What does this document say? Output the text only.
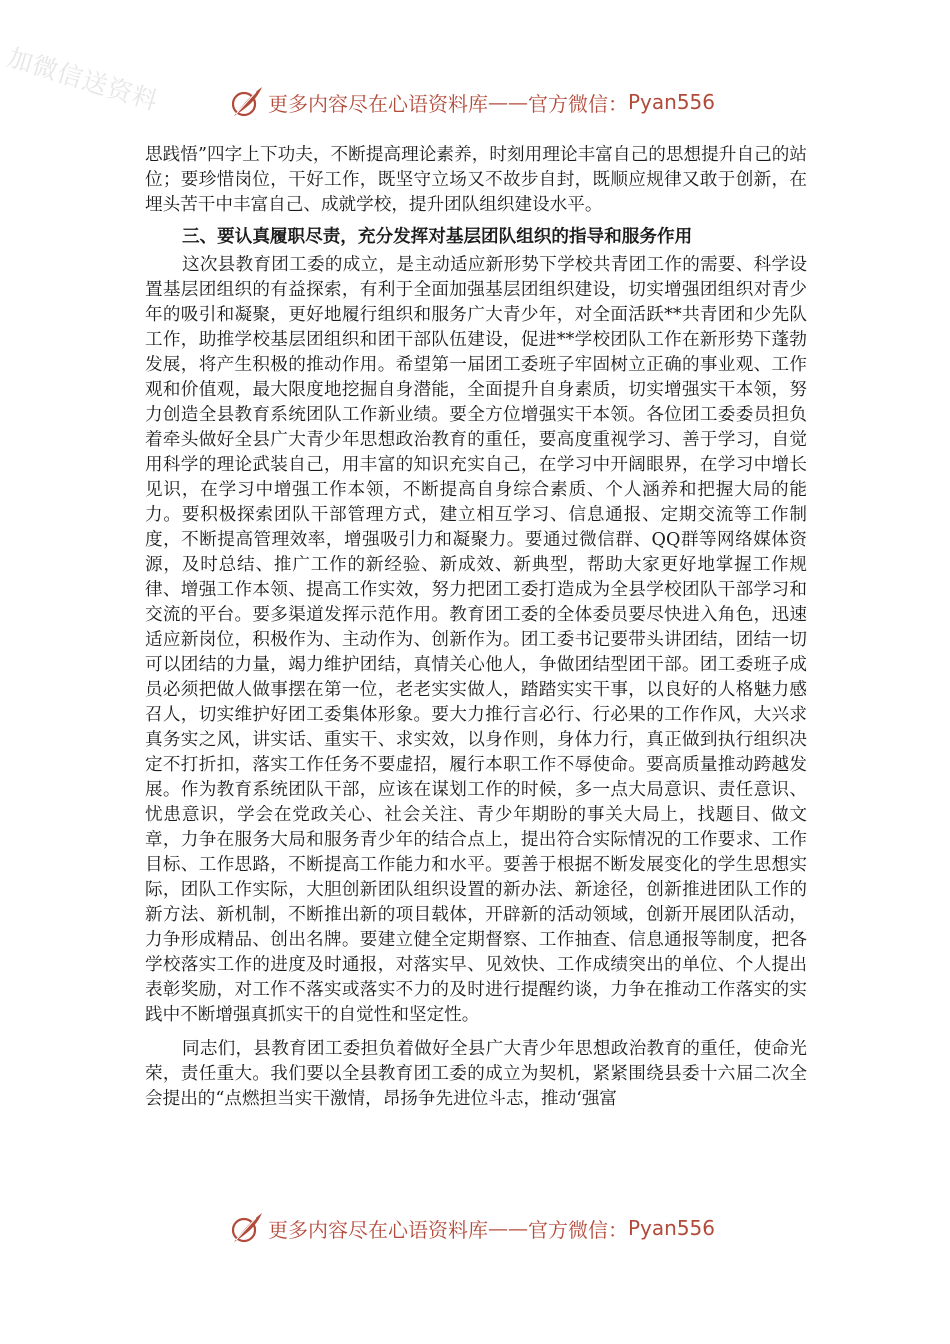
加微信送资料	更多内容尽在心语资料库 —— 官方微信： Pyan556

思践悟”四字上下功夫，不断提高理论素养，时刻用理论丰富自己的思想提升自己的站位；要珍惜岗位，干好工作，既坚守立场又不故步自封，既顺应规律又敢于创新，在埋头苦干中丰富自己、成就学校，提升团队组织建设水平。

三、要认真履职尽责，充分发挥对基层团队组织的指导和服务作用

这次县教育团工委的成立，是主动适应新形势下学校共青团工作的需要、科学设置基层团组织的有益探索，有利于全面加强基层团组织建设，切实增强团组织对青少年的吸引和凝聚，更好地履行组织和服务广大青少年，对全面活跃**共青团和少先队工作，助推学校基层团组织和团干部队伍建设，促进**学校团队工作在新形势下蓬勃发展，将产生积极的推动作用。希望第一届团工委班子牢固树立正确的事业观、工作观和价值观，最大限度地挖掘自身潜能，全面提升自身素质，切实增强实干本领，努力创造全县教育系统团队工作新业绩。要全方位增强实干本领。各位团工委委员担负着牵头做好全县广大青少年思想政治教育的重任，要高度重视学习、善于学习，自觉用科学的理论武装自己，用丰富的知识充实自己，在学习中开阔眼界，在学习中增长见识，在学习中增强工作本领，不断提高自身综合素质、个人涵养和把握大局的能力。要积极探索团队干部管理方式，建立相互学习、信息通报、定期交流等工作制度，不断提高管理效率，增强吸引力和凝聚力。要通过微信群、QQ群等网络媒体资源，及时总结、推广工作的新经验、新成效、新典型，帮助大家更好地掌握工作规律、增强工作本领、提高工作实效，努力把团工委打造成为全县学校团队干部学习和交流的平台。要多渠道发挥示范作用。教育团工委的全体委员要尽快进入角色，迅速适应新岗位，积极作为、主动作为、创新作为。团工委书记要带头讲团结，团结一切可以团结的力量，竭力维护团结，真情关心他人，争做团结型团干部。团工委班子成员必须把做人做事摆在第一位，老老实实做人，踏踏实实干事，以良好的人格魅力感召人，切实维护好团工委集体形象。要大力推行言必行、行必果的工作作风，大兴求真务实之风，讲实话、重实干、求实效，以身作则，身体力行，真正做到执行组织决定不打折扣，落实工作任务不要虚招，履行本职工作不辱使命。要高质量推动跨越发展。作为教育系统团队干部，应该在谋划工作的时候，多一点大局意识、责任意识、忧患意识，学会在党政关心、社会关注、青少年期盼的事关大局上，找题目、做文章，力争在服务大局和服务青少年的结合点上，提出符合实际情况的工作要求、工作目标、工作思路，不断提高工作能力和水平。要善于根据不断发展变化的学生思想实际，团队工作实际，大胆创新团队组织设置的新办法、新途径，创新推进团队工作的新方法、新机制，不断推出新的项目载体，开辟新的活动领域，创新开展团队活动，力争形成精品、创出名牌。要建立健全定期督察、工作抽查、信息通报等制度，把各学校落实工作的进度及时通报，对落实早、见效快、工作成绩突出的单位、个人提出表彰奖励，对工作不落实或落实不力的及时进行提醒约谈，力争在推动工作落实的实践中不断增强真抓实干的自觉性和坚定性。

同志们，县教育团工委担负着做好全县广大青少年思想政治教育的重任，使命光荣，责任重大。我们要以全县教育团工委的成立为契机，紧紧围绕县委十六届二次全会提出的“点燃担当实干激情，昂扬争先进位斗志，推动‘强富

更多内容尽在心语资料库 —— 官方微信： Pyan556
